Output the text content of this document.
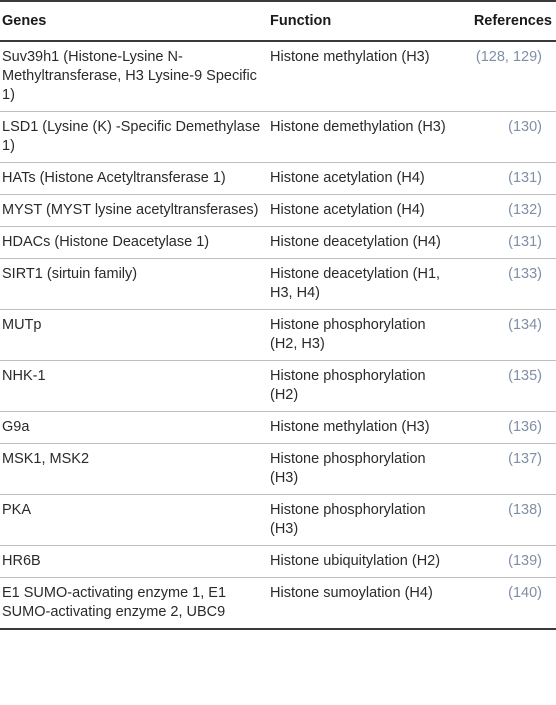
Genes	Function	References
Suv39h1 (Histone-Lysine N-Methyltransferase, H3 Lysine-9 Specific 1)	Histone methylation (H3)	(128, 129)
LSD1 (Lysine (K) -Specific Demethylase 1)	Histone demethylation (H3)	(130)
HATs (Histone Acetyltransferase 1)	Histone acetylation (H4)	(131)
MYST (MYST lysine acetyltransferases)	Histone acetylation (H4)	(132)
HDACs (Histone Deacetylase 1)	Histone deacetylation (H4)	(131)
SIRT1 (sirtuin family)	Histone deacetylation (H1, H3, H4)	(133)
MUTp	Histone phosphorylation (H2, H3)	(134)
NHK-1	Histone phosphorylation (H2)	(135)
G9a	Histone methylation (H3)	(136)
MSK1, MSK2	Histone phosphorylation (H3)	(137)
PKA	Histone phosphorylation (H3)	(138)
HR6B	Histone ubiquitylation (H2)	(139)
E1 SUMO-activating enzyme 1, E1 SUMO-activating enzyme 2, UBC9	Histone sumoylation (H4)	(140)
